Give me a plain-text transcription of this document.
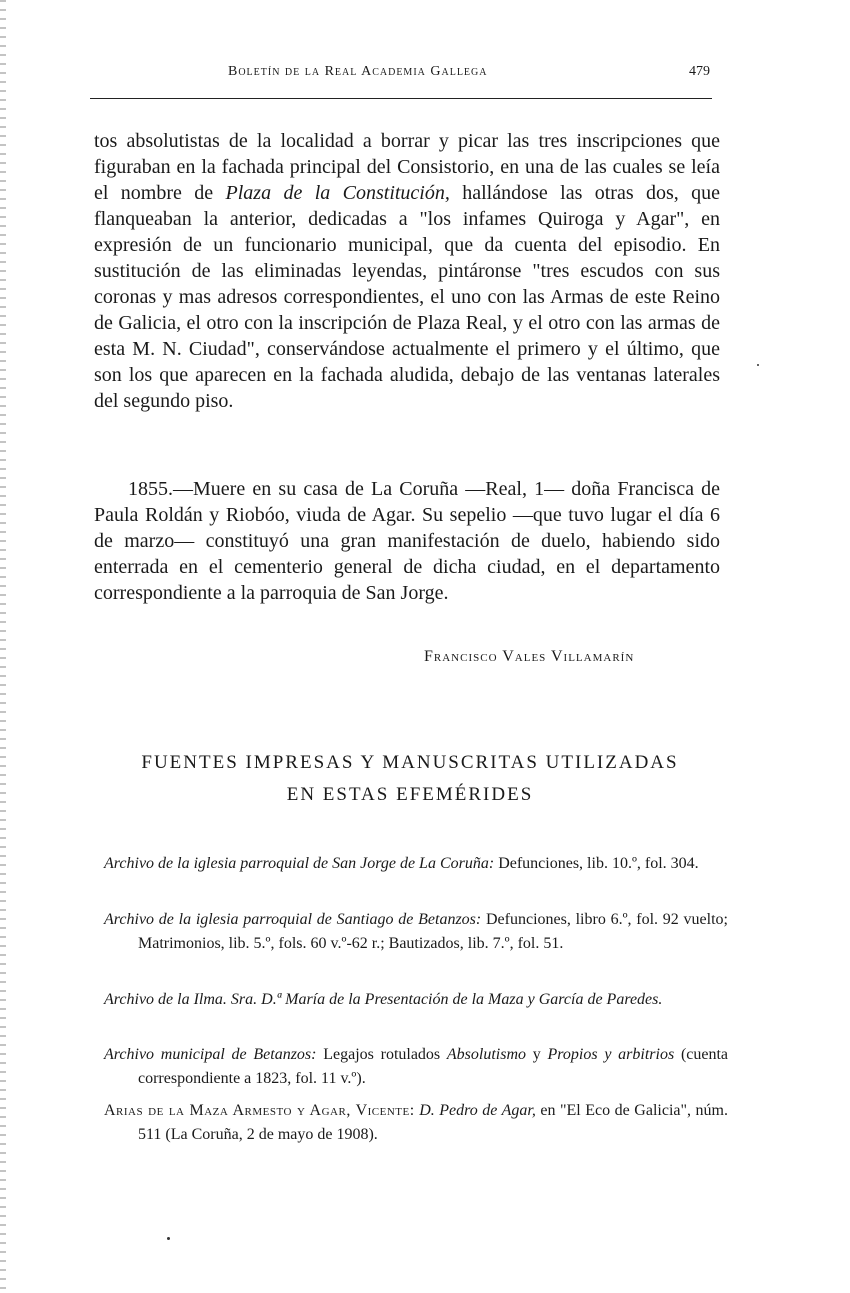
Boletín de la Real Academia Gallega	479
tos absolutistas de la localidad a borrar y picar las tres inscripciones que figuraban en la fachada principal del Consistorio, en una de las cuales se leía el nombre de Plaza de la Constitución, hallándose las otras dos, que flanqueaban la anterior, dedicadas a "los infames Quiroga y Agar", en expresión de un funcionario municipal, que da cuenta del episodio. En sustitución de las eliminadas leyendas, pintáronse "tres escudos con sus coronas y mas adresos correspondientes, el uno con las Armas de este Reino de Galicia, el otro con la inscripción de Plaza Real, y el otro con las armas de esta M. N. Ciudad", conservándose actualmente el primero y el último, que son los que aparecen en la fachada aludida, debajo de las ventanas laterales del segundo piso.
1855.—Muere en su casa de La Coruña —Real, 1— doña Francisca de Paula Roldán y Riobóo, viuda de Agar. Su sepelio —que tuvo lugar el día 6 de marzo— constituyó una gran manifestación de duelo, habiendo sido enterrada en el cementerio general de dicha ciudad, en el departamento correspondiente a la parroquia de San Jorge.
Francisco Vales Villamarín
FUENTES IMPRESAS Y MANUSCRITAS UTILIZADAS
EN ESTAS EFEMÉRIDES
Archivo de la iglesia parroquial de San Jorge de La Coruña: Defunciones, lib. 10.º, fol. 304.
Archivo de la iglesia parroquial de Santiago de Betanzos: Defunciones, libro 6.º, fol. 92 vuelto; Matrimonios, lib. 5.º, fols. 60 v.º-62 r.; Bautizados, lib. 7.º, fol. 51.
Archivo de la Ilma. Sra. D.ª María de la Presentación de la Maza y García de Paredes.
Archivo municipal de Betanzos: Legajos rotulados Absolutismo y Propios y arbitrios (cuenta correspondiente a 1823, fol. 11 v.º).
Arias de la Maza Armesto y Agar, Vicente: D. Pedro de Agar, en "El Eco de Galicia", núm. 511 (La Coruña, 2 de mayo de 1908).
